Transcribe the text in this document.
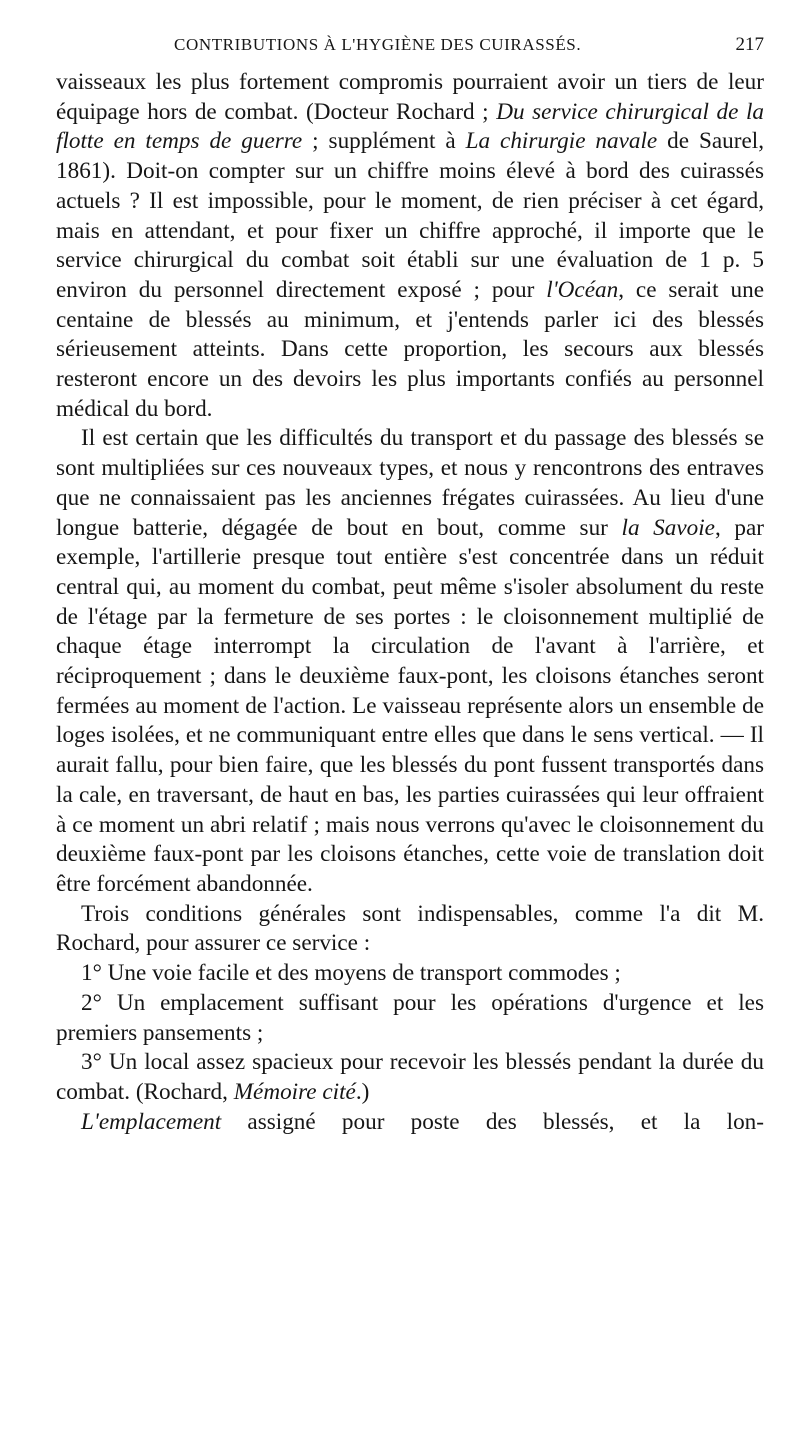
CONTRIBUTIONS À L'HYGIÈNE DES CUIRASSÉS.	217

vaisseaux les plus fortement compromis pourraient avoir un tiers de leur équipage hors de combat. (Docteur Rochard ; Du service chirurgical de la flotte en temps de guerre ; supplément à La chirurgie navale de Saurel, 1861). Doit-on compter sur un chiffre moins élevé à bord des cuirassés actuels ? Il est impossible, pour le moment, de rien préciser à cet égard, mais en attendant, et pour fixer un chiffre approché, il importe que le service chirurgical du combat soit établi sur une évaluation de 1 p. 5 environ du personnel directement exposé ; pour l'Océan, ce serait une centaine de blessés au minimum, et j'entends parler ici des blessés sérieusement atteints. Dans cette proportion, les secours aux blessés resteront encore un des devoirs les plus importants confiés au personnel médical du bord.

Il est certain que les difficultés du transport et du passage des blessés se sont multipliées sur ces nouveaux types, et nous y rencontrons des entraves que ne connaissaient pas les anciennes frégates cuirassées. Au lieu d'une longue batterie, dégagée de bout en bout, comme sur la Savoie, par exemple, l'artillerie presque tout entière s'est concentrée dans un réduit central qui, au moment du combat, peut même s'isoler absolument du reste de l'étage par la fermeture de ses portes : le cloisonnement multiplié de chaque étage interrompt la circulation de l'avant à l'arrière, et réciproquement ; dans le deuxième faux-pont, les cloisons étanches seront fermées au moment de l'action. Le vaisseau représente alors un ensemble de loges isolées, et ne communiquant entre elles que dans le sens vertical. — Il aurait fallu, pour bien faire, que les blessés du pont fussent transportés dans la cale, en traversant, de haut en bas, les parties cuirassées qui leur offraient à ce moment un abri relatif ; mais nous verrons qu'avec le cloisonnement du deuxième faux-pont par les cloisons étanches, cette voie de translation doit être forcément abandonnée.

Trois conditions générales sont indispensables, comme l'a dit M. Rochard, pour assurer ce service :

1° Une voie facile et des moyens de transport commodes ;

2° Un emplacement suffisant pour les opérations d'urgence et les premiers pansements ;

3° Un local assez spacieux pour recevoir les blessés pendant la durée du combat. (Rochard, Mémoire cité.)

L'emplacement assigné pour poste des blessés, et la lon-
